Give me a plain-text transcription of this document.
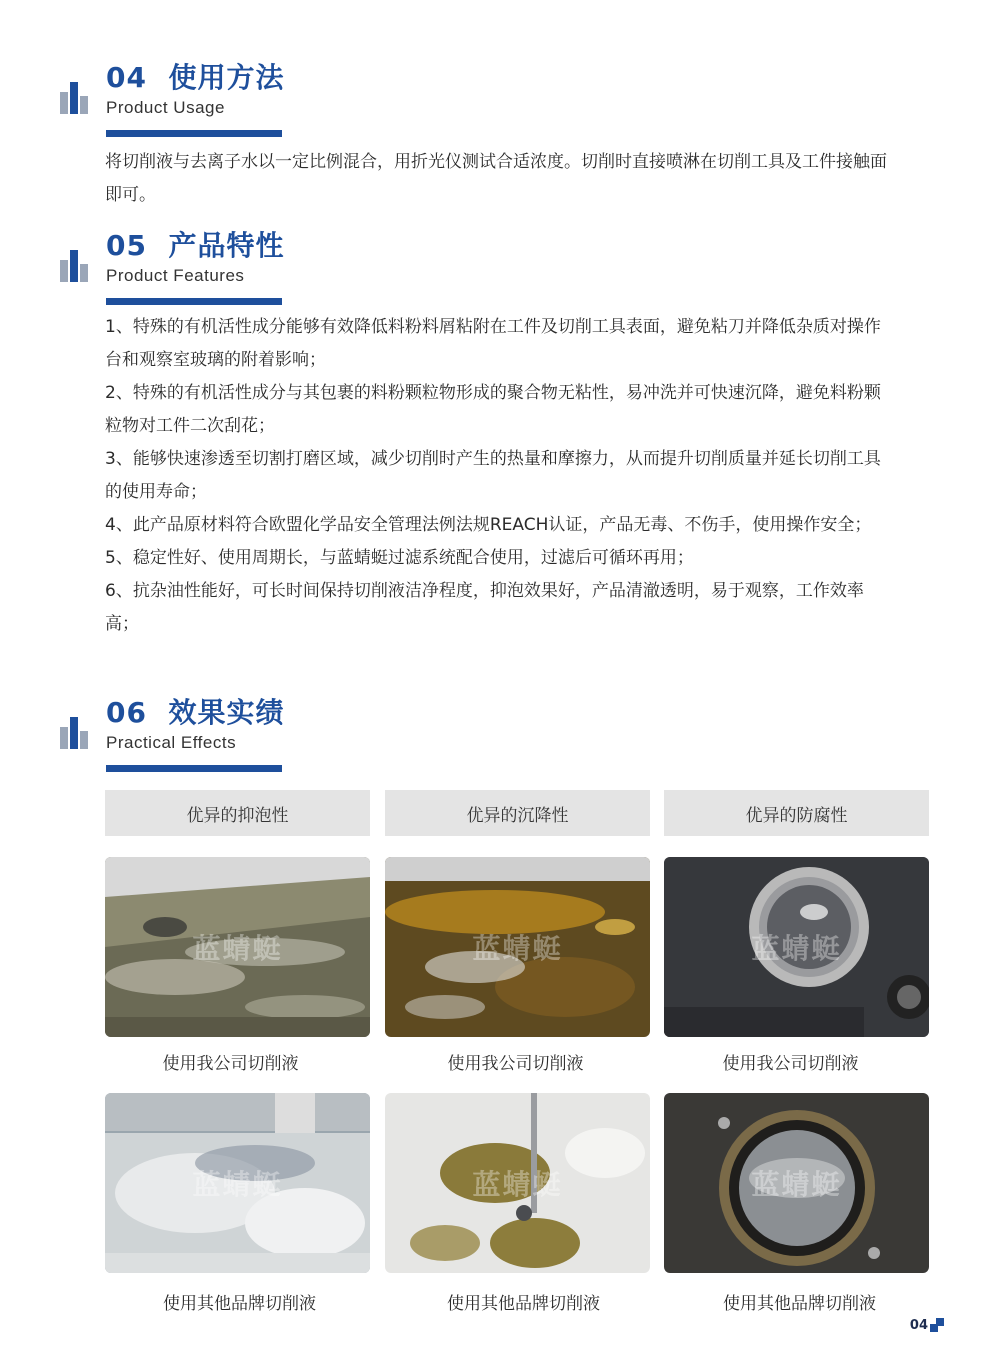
04 使用方法
Product Usage

将切削液与去离子水以一定比例混合，用折光仪测试合适浓度。切削时直接喷淋在切削工具及工件接触面即可。

05 产品特性
Product Features

1、特殊的有机活性成分能够有效降低料粉料屑粘附在工件及切削工具表面，避免粘刀并降低杂质对操作台和观察室玻璃的附着影响；

2、特殊的有机活性成分与其包裹的料粉颗粒物形成的聚合物无粘性，易冲洗并可快速沉降，避免料粉颗粒物对工件二次刮花；

3、能够快速渗透至切割打磨区域，减少切削时产生的热量和摩擦力，从而提升切削质量并延长切削工具的使用寿命；

4、此产品原材料符合欧盟化学品安全管理法例法规REACH认证，产品无毒、不伤手，使用操作安全；

5、稳定性好、使用周期长，与蓝蜻蜓过滤系统配合使用，过滤后可循环再用；

6、抗杂油性能好，可长时间保持切削液洁净程度，抑泡效果好，产品清澈透明，易于观察，工作效率高；

06 效果实绩
Practical Effects
优异的抑泡性	优异的沉降性	优异的防腐性
蓝蜻蜓	蓝蜻蜓	蓝蜻蜓
使用我公司切削液	使用我公司切削液	使用我公司切削液
蓝蜻蜓	蓝蜻蜓	蓝蜻蜓
使用其他品牌切削液	使用其他品牌切削液	使用其他品牌切削液
04
